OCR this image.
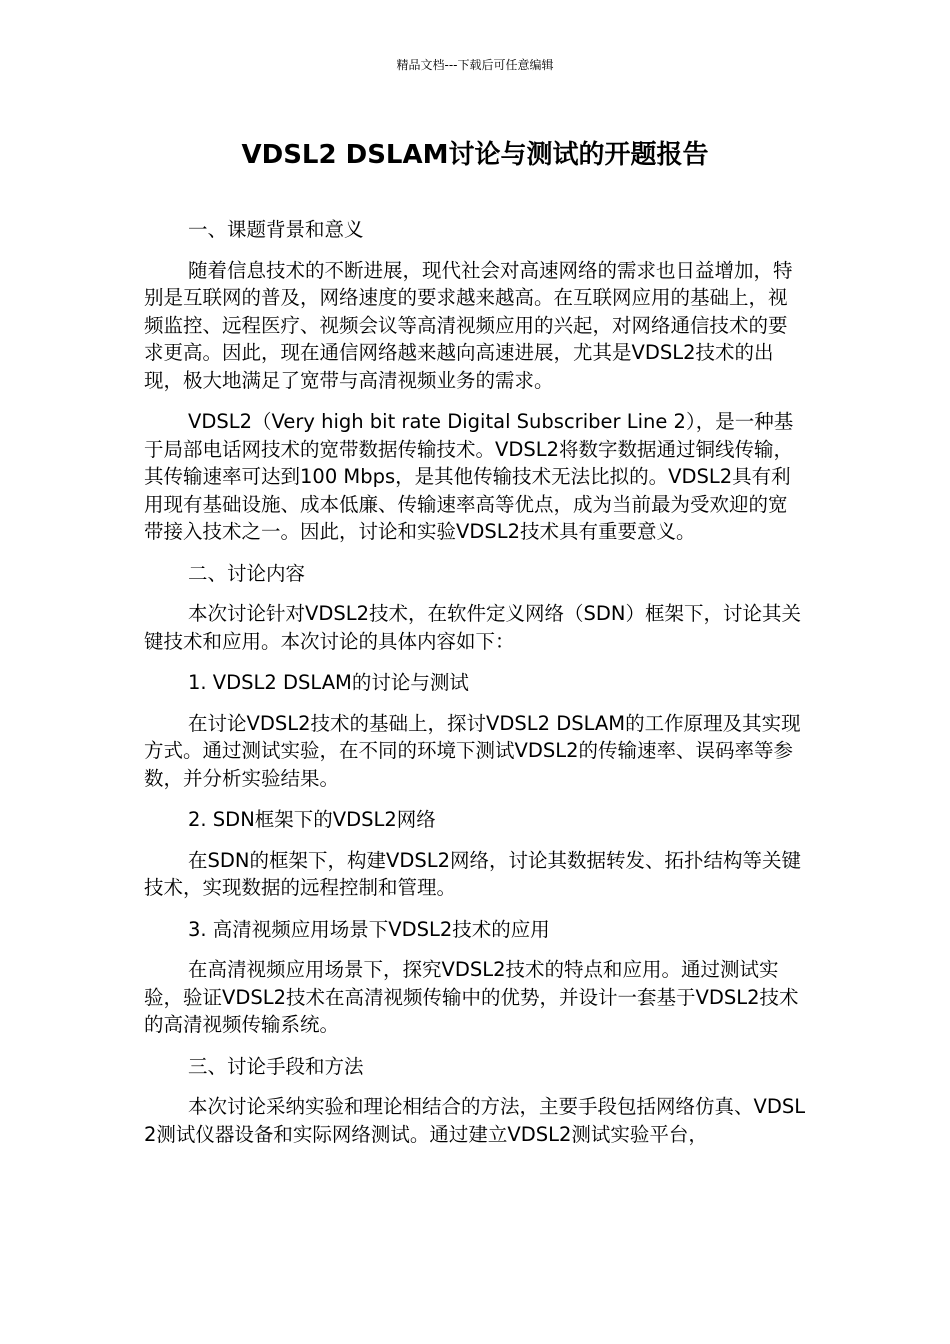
精品文档---下载后可任意编辑
VDSL2 DSLAM讨论与测试的开题报告

一、课题背景和意义

随着信息技术的不断进展，现代社会对高速网络的需求也日益增加，特别是互联网的普及，网络速度的要求越来越高。在互联网应用的基础上，视频监控、远程医疗、视频会议等高清视频应用的兴起，对网络通信技术的要求更高。因此，现在通信网络越来越向高速进展，尤其是VDSL2技术的出现，极大地满足了宽带与高清视频业务的需求。

VDSL2（Very high bit rate Digital Subscriber Line 2），是一种基于局部电话网技术的宽带数据传输技术。VDSL2将数字数据通过铜线传输，其传输速率可达到100 Mbps，是其他传输技术无法比拟的。VDSL2具有利用现有基础设施、成本低廉、传输速率高等优点，成为当前最为受欢迎的宽带接入技术之一。因此，讨论和实验VDSL2技术具有重要意义。

二、讨论内容

本次讨论针对VDSL2技术，在软件定义网络（SDN）框架下，讨论其关键技术和应用。本次讨论的具体内容如下：

1. VDSL2 DSLAM的讨论与测试

在讨论VDSL2技术的基础上，探讨VDSL2 DSLAM的工作原理及其实现方式。通过测试实验，在不同的环境下测试VDSL2的传输速率、误码率等参数，并分析实验结果。

2. SDN框架下的VDSL2网络

在SDN的框架下，构建VDSL2网络，讨论其数据转发、拓扑结构等关键技术，实现数据的远程控制和管理。

3. 高清视频应用场景下VDSL2技术的应用

在高清视频应用场景下，探究VDSL2技术的特点和应用。通过测试实验，验证VDSL2技术在高清视频传输中的优势，并设计一套基于VDSL2技术的高清视频传输系统。

三、讨论手段和方法

本次讨论采纳实验和理论相结合的方法，主要手段包括网络仿真、VDSL2测试仪器设备和实际网络测试。通过建立VDSL2测试实验平台，
